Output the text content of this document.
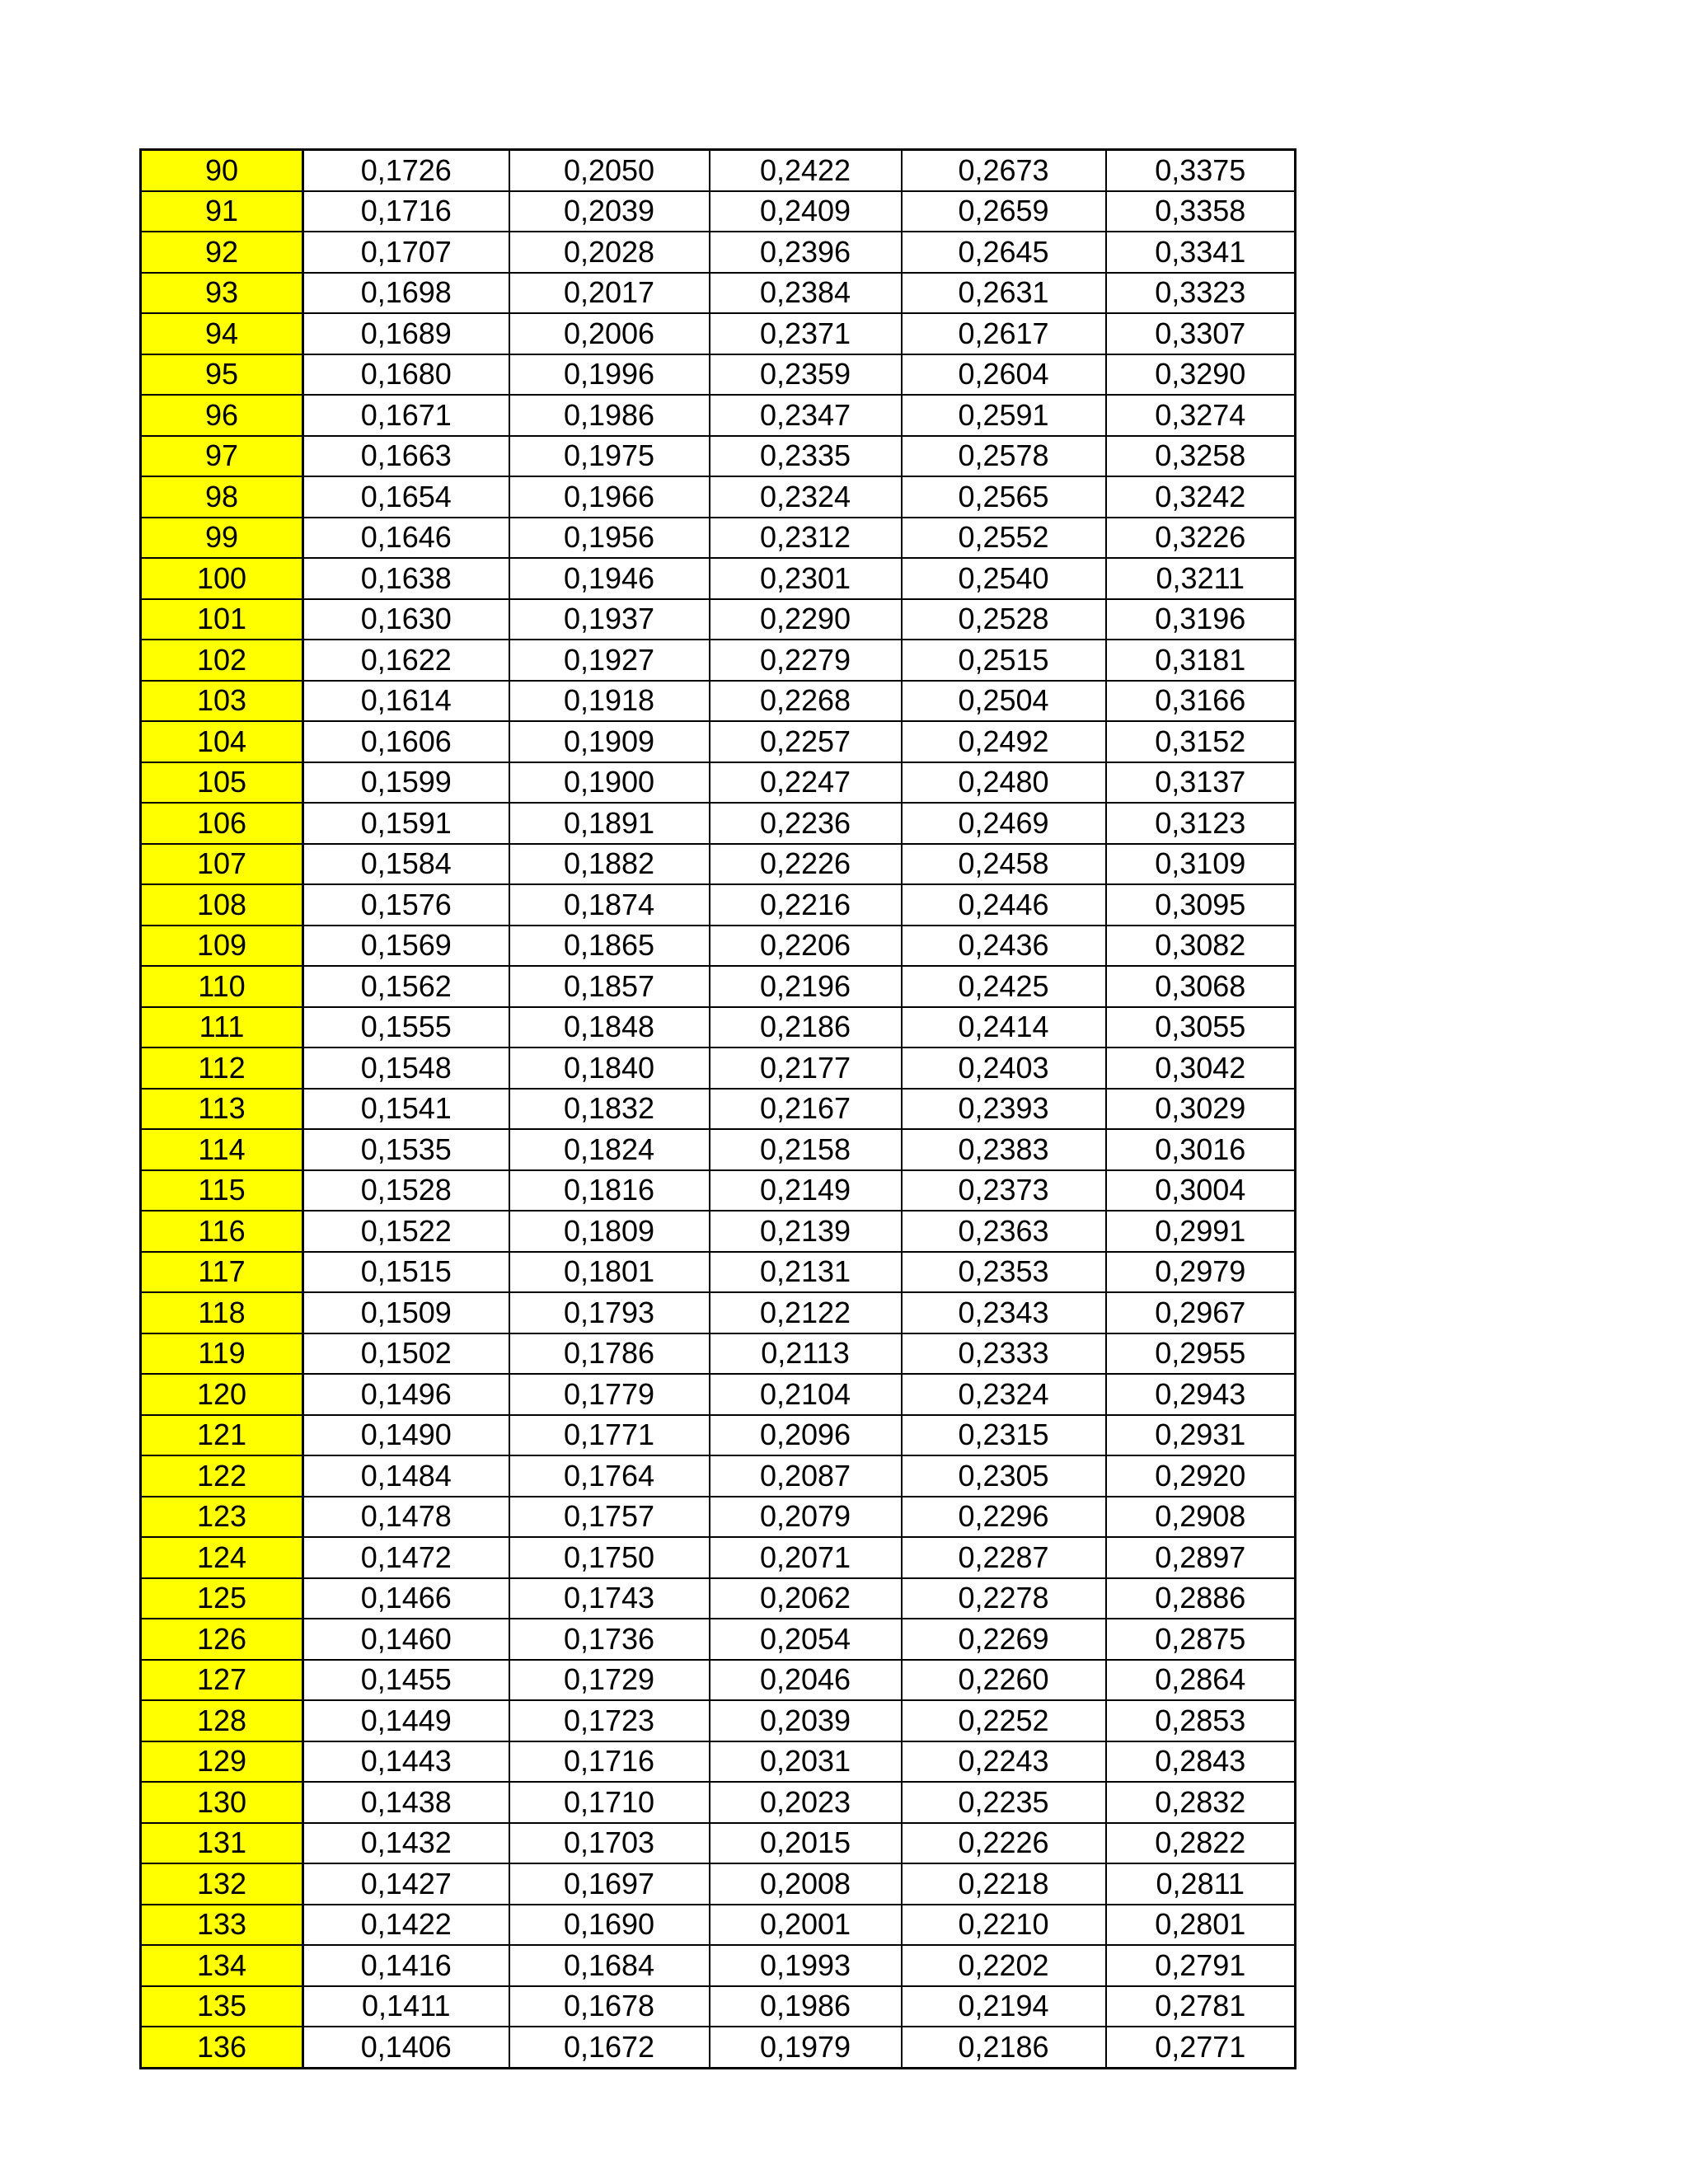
90	0,1726	0,2050	0,2422	0,2673	0,3375
91	0,1716	0,2039	0,2409	0,2659	0,3358
92	0,1707	0,2028	0,2396	0,2645	0,3341
93	0,1698	0,2017	0,2384	0,2631	0,3323
94	0,1689	0,2006	0,2371	0,2617	0,3307
95	0,1680	0,1996	0,2359	0,2604	0,3290
96	0,1671	0,1986	0,2347	0,2591	0,3274
97	0,1663	0,1975	0,2335	0,2578	0,3258
98	0,1654	0,1966	0,2324	0,2565	0,3242
99	0,1646	0,1956	0,2312	0,2552	0,3226
100	0,1638	0,1946	0,2301	0,2540	0,3211
101	0,1630	0,1937	0,2290	0,2528	0,3196
102	0,1622	0,1927	0,2279	0,2515	0,3181
103	0,1614	0,1918	0,2268	0,2504	0,3166
104	0,1606	0,1909	0,2257	0,2492	0,3152
105	0,1599	0,1900	0,2247	0,2480	0,3137
106	0,1591	0,1891	0,2236	0,2469	0,3123
107	0,1584	0,1882	0,2226	0,2458	0,3109
108	0,1576	0,1874	0,2216	0,2446	0,3095
109	0,1569	0,1865	0,2206	0,2436	0,3082
110	0,1562	0,1857	0,2196	0,2425	0,3068
111	0,1555	0,1848	0,2186	0,2414	0,3055
112	0,1548	0,1840	0,2177	0,2403	0,3042
113	0,1541	0,1832	0,2167	0,2393	0,3029
114	0,1535	0,1824	0,2158	0,2383	0,3016
115	0,1528	0,1816	0,2149	0,2373	0,3004
116	0,1522	0,1809	0,2139	0,2363	0,2991
117	0,1515	0,1801	0,2131	0,2353	0,2979
118	0,1509	0,1793	0,2122	0,2343	0,2967
119	0,1502	0,1786	0,2113	0,2333	0,2955
120	0,1496	0,1779	0,2104	0,2324	0,2943
121	0,1490	0,1771	0,2096	0,2315	0,2931
122	0,1484	0,1764	0,2087	0,2305	0,2920
123	0,1478	0,1757	0,2079	0,2296	0,2908
124	0,1472	0,1750	0,2071	0,2287	0,2897
125	0,1466	0,1743	0,2062	0,2278	0,2886
126	0,1460	0,1736	0,2054	0,2269	0,2875
127	0,1455	0,1729	0,2046	0,2260	0,2864
128	0,1449	0,1723	0,2039	0,2252	0,2853
129	0,1443	0,1716	0,2031	0,2243	0,2843
130	0,1438	0,1710	0,2023	0,2235	0,2832
131	0,1432	0,1703	0,2015	0,2226	0,2822
132	0,1427	0,1697	0,2008	0,2218	0,2811
133	0,1422	0,1690	0,2001	0,2210	0,2801
134	0,1416	0,1684	0,1993	0,2202	0,2791
135	0,1411	0,1678	0,1986	0,2194	0,2781
136	0,1406	0,1672	0,1979	0,2186	0,2771
